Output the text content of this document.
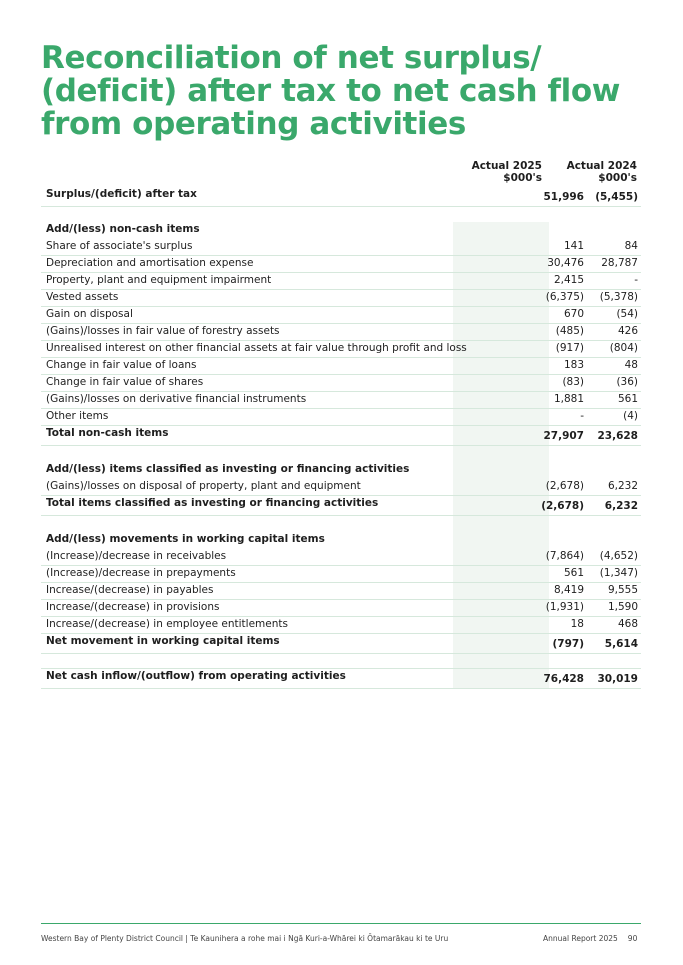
Reconciliation of net surplus/
(deficit) after tax to net cash flow
from operating activities
Actual 2025
$000's
Actual 2024
$000's
Surplus/(deficit) after tax	51,996	(5,455)
Add/(less) non-cash items
Share of associate's surplus	141	84
Depreciation and amortisation expense	30,476	28,787
Property, plant and equipment impairment	2,415	-
Vested assets	(6,375)	(5,378)
Gain on disposal	670	(54)
(Gains)/losses in fair value of forestry assets	(485)	426
Unrealised interest on other financial assets at fair value through profit and loss	(917)	(804)
Change in fair value of loans	183	48
Change in fair value of shares	(83)	(36)
(Gains)/losses on derivative financial instruments	1,881	561
Other items	-	(4)
Total non-cash items	27,907	23,628
Add/(less) items classified as investing or financing activities
(Gains)/losses on disposal of property, plant and equipment	(2,678)	6,232
Total items classified as investing or financing activities	(2,678)	6,232
Add/(less) movements in working capital items
(Increase)/decrease in receivables	(7,864)	(4,652)
(Increase)/decrease in prepayments	561	(1,347)
Increase/(decrease) in payables	8,419	9,555
Increase/(decrease) in provisions	(1,931)	1,590
Increase/(decrease) in employee entitlements	18	468
Net movement in working capital items	(797)	5,614
Net cash inflow/(outflow) from operating activities	76,428	30,019
Western Bay of Plenty District Council | Te Kaunihera a rohe mai i Ngā Kuri-a-Whārei ki Ōtamarākau ki te Uru	Annual Report 2025 90
